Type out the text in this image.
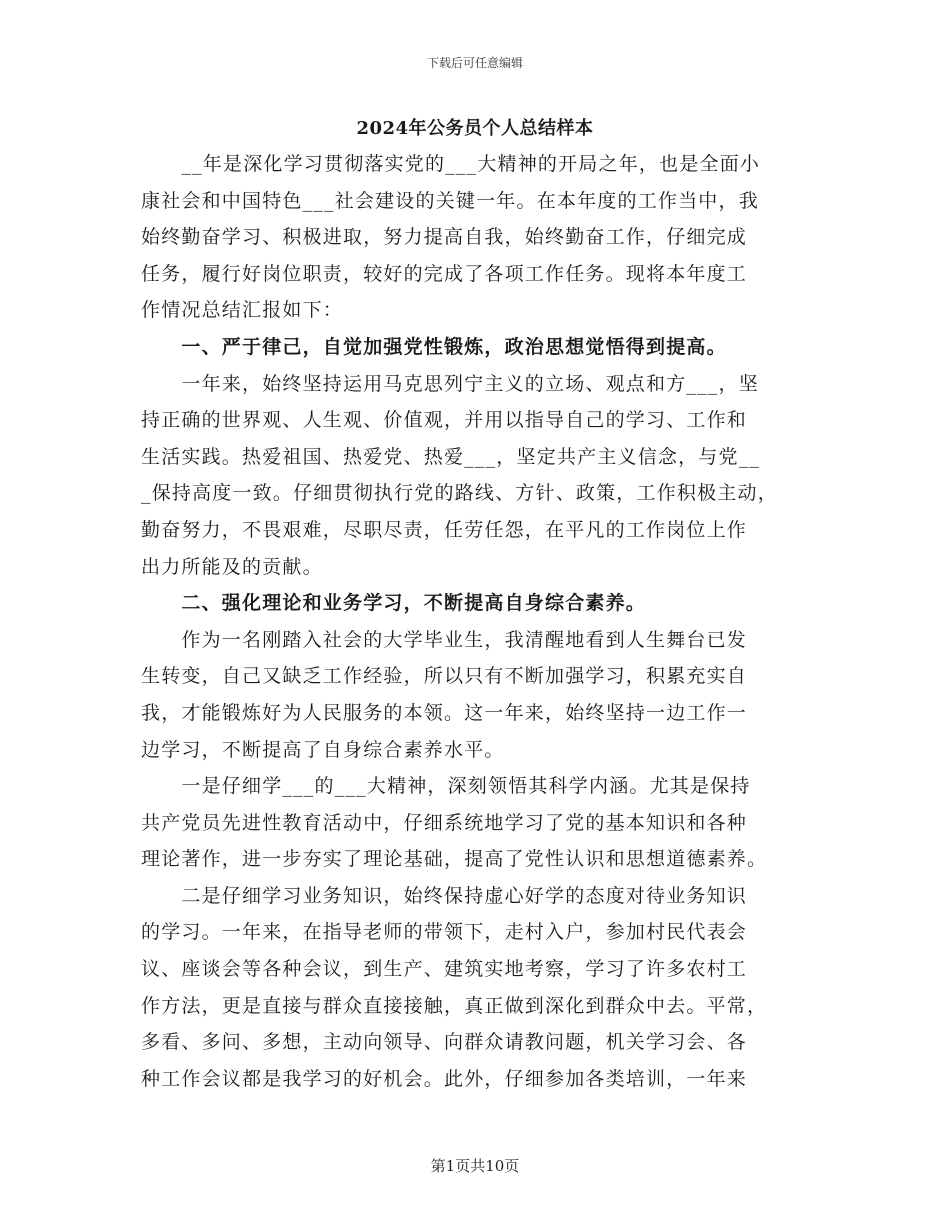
下载后可任意编辑
2024年公务员个人总结样本
　　__年是深化学习贯彻落实党的___大精神的开局之年，也是全面小
康社会和中国特色___社会建设的关键一年。在本年度的工作当中，我
始终勤奋学习、积极进取，努力提高自我，始终勤奋工作，仔细完成
任务，履行好岗位职责，较好的完成了各项工作任务。现将本年度工
作情况总结汇报如下：
　　一、严于律己，自觉加强党性锻炼，政治思想觉悟得到提高。
　　一年来，始终坚持运用马克思列宁主义的立场、观点和方___，坚
持正确的世界观、人生观、价值观，并用以指导自己的学习、工作和
生活实践。热爱祖国、热爱党、热爱___，坚定共产主义信念，与党__
_保持高度一致。仔细贯彻执行党的路线、方针、政策，工作积极主动，
勤奋努力，不畏艰难，尽职尽责，任劳任怨，在平凡的工作岗位上作
出力所能及的贡献。
　　二、强化理论和业务学习，不断提高自身综合素养。
　　作为一名刚踏入社会的大学毕业生，我清醒地看到人生舞台已发
生转变，自己又缺乏工作经验，所以只有不断加强学习，积累充实自
我，才能锻炼好为人民服务的本领。这一年来，始终坚持一边工作一
边学习，不断提高了自身综合素养水平。
　　一是仔细学___的___大精神，深刻领悟其科学内涵。尤其是保持
共产党员先进性教育活动中，仔细系统地学习了党的基本知识和各种
理论著作，进一步夯实了理论基础，提高了党性认识和思想道德素养。
　　二是仔细学习业务知识，始终保持虚心好学的态度对待业务知识
的学习。一年来，在指导老师的带领下，走村入户，参加村民代表会
议、座谈会等各种会议，到生产、建筑实地考察，学习了许多农村工
作方法，更是直接与群众直接接触，真正做到深化到群众中去。平常，
多看、多问、多想，主动向领导、向群众请教问题，机关学习会、各
种工作会议都是我学习的好机会。此外，仔细参加各类培训，一年来
第1页共10页
